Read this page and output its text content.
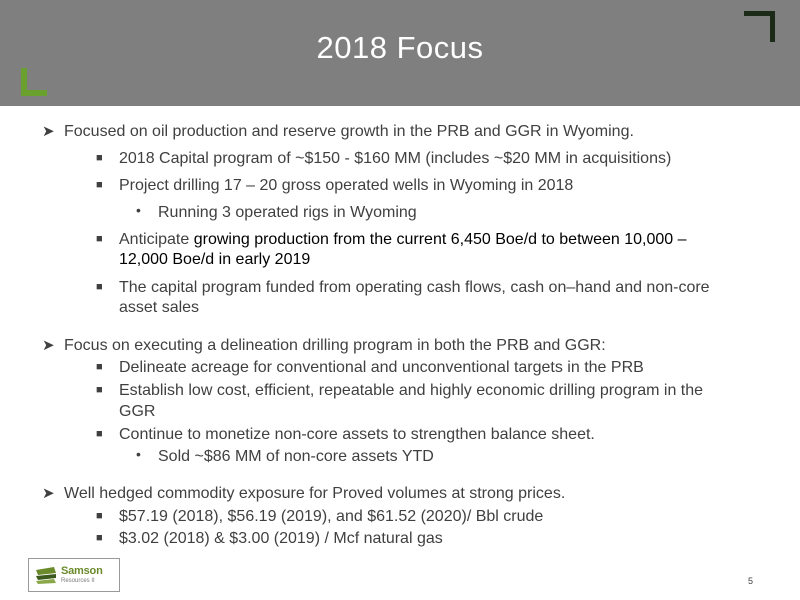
2018 Focus
➤ Focused on oil production and reserve growth in the PRB and GGR in Wyoming.
■ 2018 Capital program of ~$150 - $160 MM (includes ~$20 MM in acquisitions)
■ Project drilling 17 – 20 gross operated wells in Wyoming in 2018
• Running 3 operated rigs in Wyoming
■ Anticipate growing production from the current 6,450 Boe/d to between 10,000 –
12,000 Boe/d in early 2019
■ The capital program funded from operating cash flows, cash on–hand and non-core
asset sales
➤ Focus on executing a delineation drilling program in both the PRB and GGR:
■ Delineate acreage for conventional and unconventional targets in the PRB
■ Establish low cost, efficient, repeatable and highly economic drilling program in the
GGR
■ Continue to monetize non-core assets to strengthen balance sheet.
• Sold ~$86 MM of non-core assets YTD
➤ Well hedged commodity exposure for Proved volumes at strong prices.
■ $57.19 (2018), $56.19 (2019), and $61.52 (2020)/ Bbl crude
■ $3.02 (2018) & $3.00 (2019) / Mcf natural gas
Samson
Resources II	5
